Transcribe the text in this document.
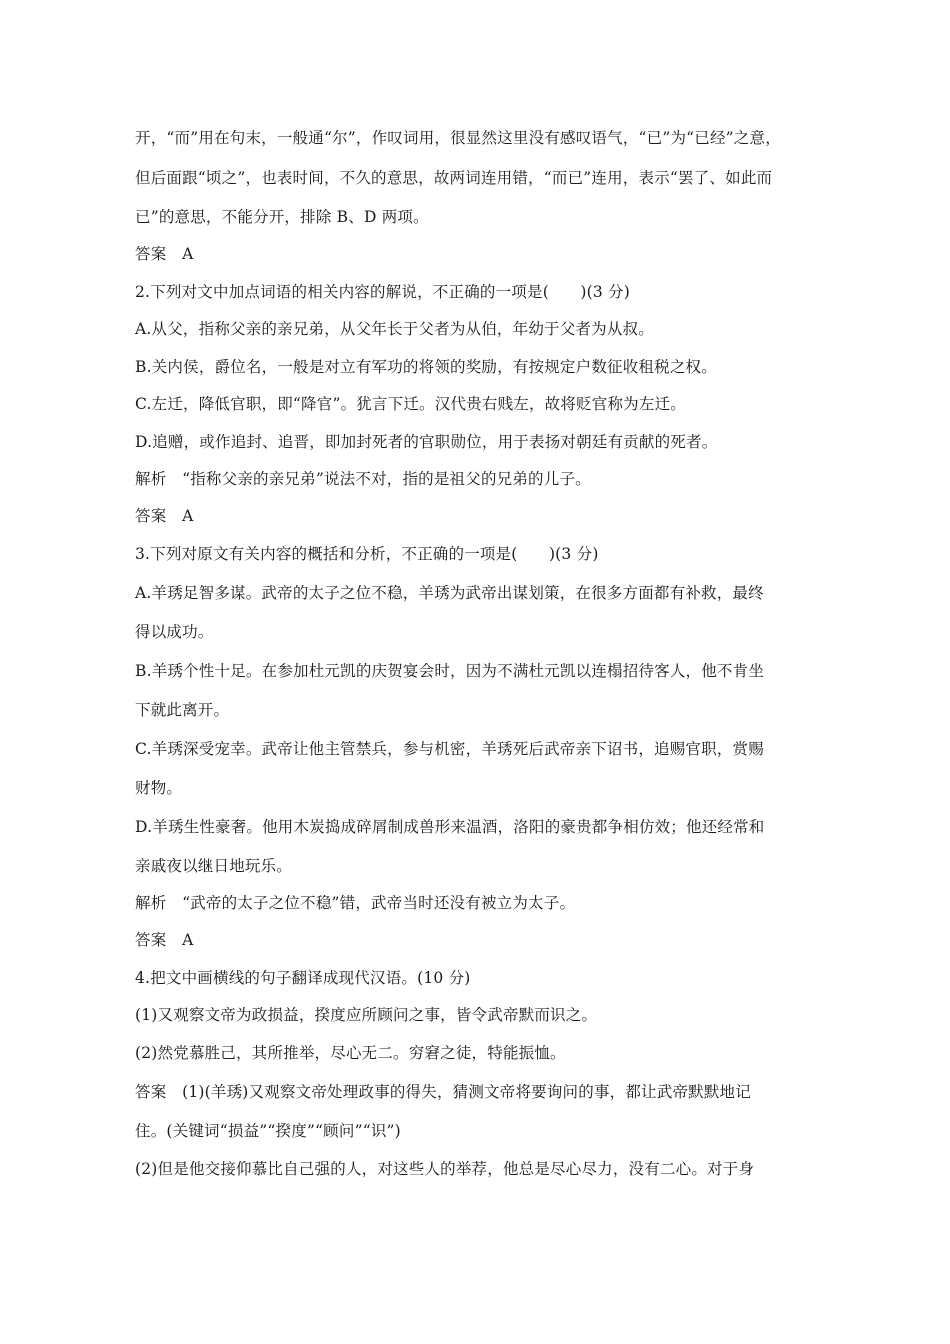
开，“而”用在句末，一般通“尔”，作叹词用，很显然这里没有感叹语气，“已”为“已经”之意，
但后面跟“顷之”，也表时间，不久的意思，故两词连用错，“而已”连用，表示“罢了、如此而
已”的意思，不能分开，排除 B、D 两项。
答案　A
2.下列对文中加点词语的相关内容的解说，不正确的一项是(　　)(3 分)
A.从父，指称父亲的亲兄弟，从父年长于父者为从伯，年幼于父者为从叔。
B.关内侯，爵位名，一般是对立有军功的将领的奖励，有按规定户数征收租税之权。
C.左迁，降低官职，即“降官”。犹言下迁。汉代贵右贱左，故将贬官称为左迁。
D.追赠，或作追封、追晋，即加封死者的官职勋位，用于表扬对朝廷有贡献的死者。
解析　“指称父亲的亲兄弟”说法不对，指的是祖父的兄弟的儿子。
答案　A
3.下列对原文有关内容的概括和分析，不正确的一项是(　　)(3 分)
A.羊琇足智多谋。武帝的太子之位不稳，羊琇为武帝出谋划策，在很多方面都有补救，最终
得以成功。
B.羊琇个性十足。在参加杜元凯的庆贺宴会时，因为不满杜元凯以连榻招待客人，他不肯坐
下就此离开。
C.羊琇深受宠幸。武帝让他主管禁兵，参与机密，羊琇死后武帝亲下诏书，追赐官职，赏赐
财物。
D.羊琇生性豪奢。他用木炭捣成碎屑制成兽形来温酒，洛阳的豪贵都争相仿效；他还经常和
亲戚夜以继日地玩乐。
解析　“武帝的太子之位不稳”错，武帝当时还没有被立为太子。
答案　A
4.把文中画横线的句子翻译成现代汉语。(10 分)
(1)又观察文帝为政损益，揆度应所顾问之事，皆令武帝默而识之。
(2)然党慕胜己，其所推举，尽心无二。穷窘之徒，特能振恤。
答案　(1)(羊琇)又观察文帝处理政事的得失，猜测文帝将要询问的事，都让武帝默默地记
住。(关键词“损益”“揆度”“顾问”“识”)
(2)但是他交接仰慕比自己强的人，对这些人的举荐，他总是尽心尽力，没有二心。对于身
